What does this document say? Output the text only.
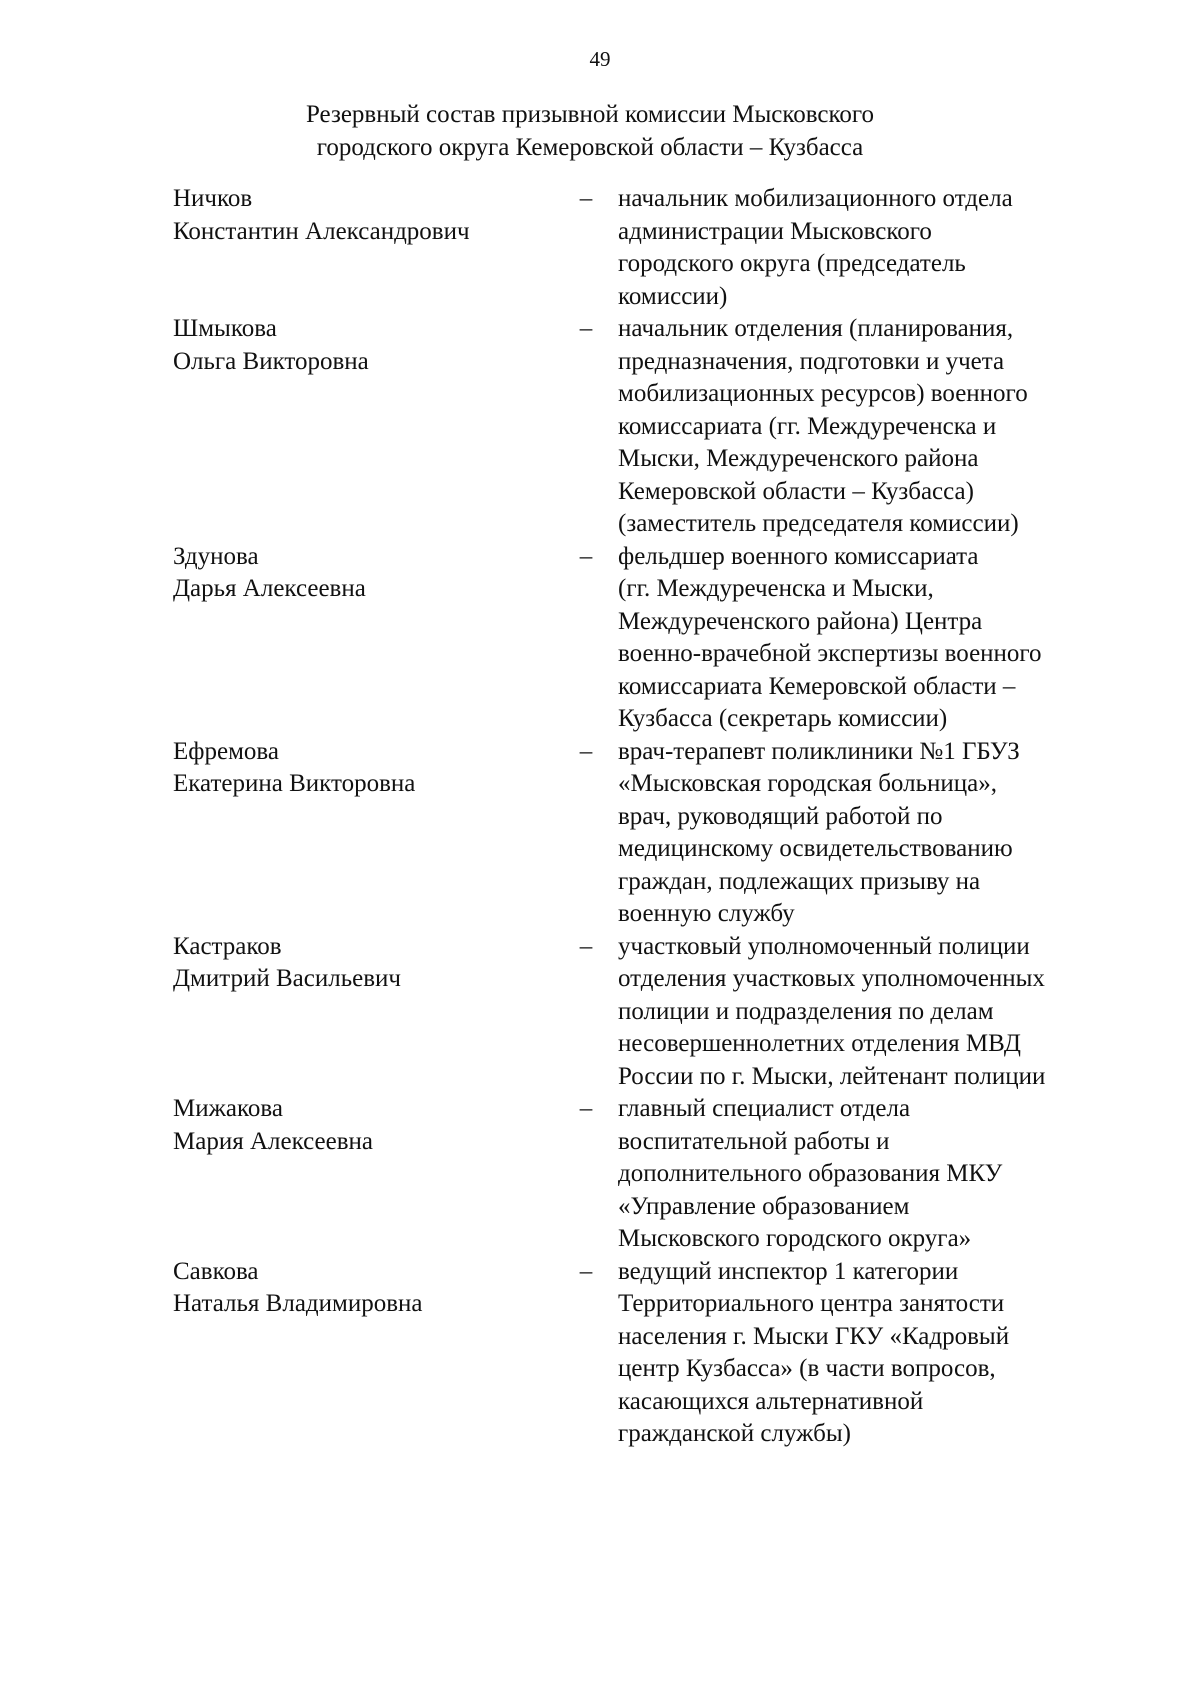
49
Резервный состав призывной комиссии Мысковского
городского округа Кемеровской области – Кузбасса
Ничков
Константин Александрович
– начальник мобилизационного отдела
администрации Мысковского
городского округа (председатель
комиссии)
Шмыкова
Ольга Викторовна
– начальник отделения (планирования,
предназначения, подготовки и учета
мобилизационных ресурсов) военного
комиссариата (гг. Междуреченска и
Мыски, Междуреченского района
Кемеровской области – Кузбасса)
(заместитель председателя комиссии)
Здунова
Дарья Алексеевна
– фельдшер военного комиссариата
(гг. Междуреченска и Мыски,
Междуреченского района) Центра
военно-врачебной экспертизы военного
комиссариата Кемеровской области –
Кузбасса (секретарь комиссии)
Ефремова
Екатерина Викторовна
– врач-терапевт поликлиники №1 ГБУЗ
«Мысковская городская больница»,
врач, руководящий работой по
медицинскому освидетельствованию
граждан, подлежащих призыву на
военную службу
Кастраков
Дмитрий Васильевич
– участковый уполномоченный полиции
отделения участковых уполномоченных
полиции и подразделения по делам
несовершеннолетних отделения МВД
России по г. Мыски, лейтенант полиции
Мижакова
Мария Алексеевна
– главный специалист отдела
воспитательной работы и
дополнительного образования МКУ
«Управление образованием
Мысковского городского округа»
Савкова
Наталья Владимировна
– ведущий инспектор 1 категории
Территориального центра занятости
населения г. Мыски ГКУ «Кадровый
центр Кузбасса» (в части вопросов,
касающихся альтернативной
гражданской службы)
